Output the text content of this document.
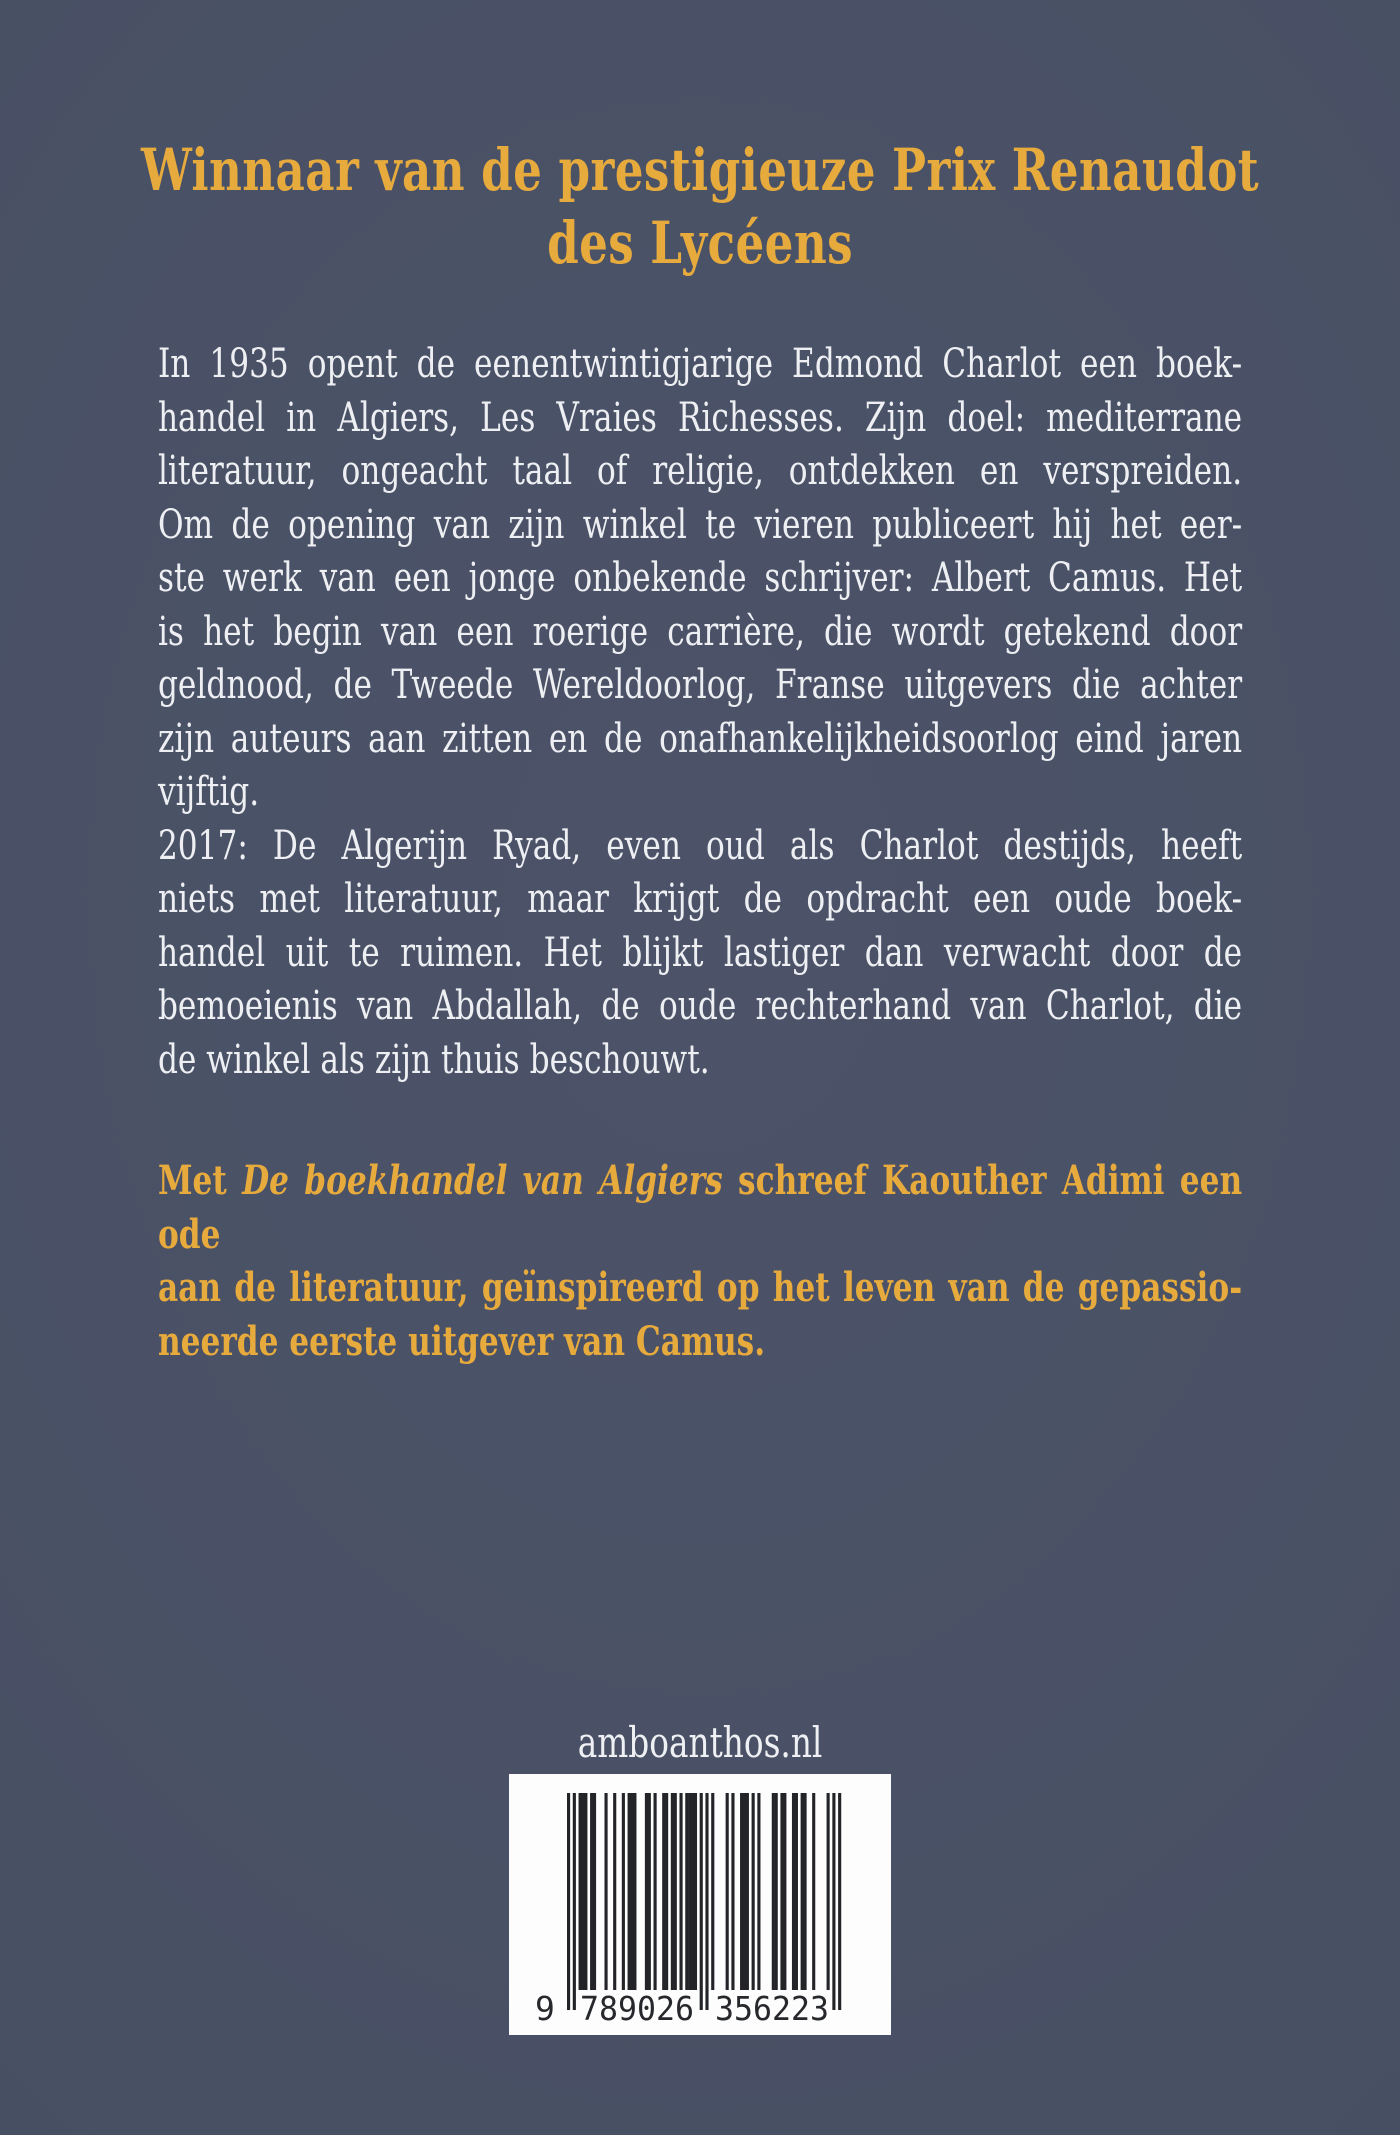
Winnaar van de prestigieuze Prix Renaudot
des Lycéens
In 1935 opent de eenentwintigjarige Edmond Charlot een boek-
handel in Algiers, Les Vraies Richesses. Zijn doel: mediterrane
literatuur, ongeacht taal of religie, ontdekken en verspreiden.
Om de opening van zijn winkel te vieren publiceert hij het eer-
ste werk van een jonge onbekende schrijver: Albert Camus. Het
is het begin van een roerige carrière, die wordt getekend door
geldnood, de Tweede Wereldoorlog, Franse uitgevers die achter
zijn auteurs aan zitten en de onafhankelijkheidsoorlog eind jaren
vijftig.
2017: De Algerijn Ryad, even oud als Charlot destijds, heeft
niets met literatuur, maar krijgt de opdracht een oude boek-
handel uit te ruimen. Het blijkt lastiger dan verwacht door de
bemoeienis van Abdallah, de oude rechterhand van Charlot, die
de winkel als zijn thuis beschouwt.
Met De boekhandel van Algiers schreef Kaouther Adimi een ode
aan de literatuur, geïnspireerd op het leven van de gepassio-
neerde eerste uitgever van Camus.
amboanthos.nl
9 789026 356223
